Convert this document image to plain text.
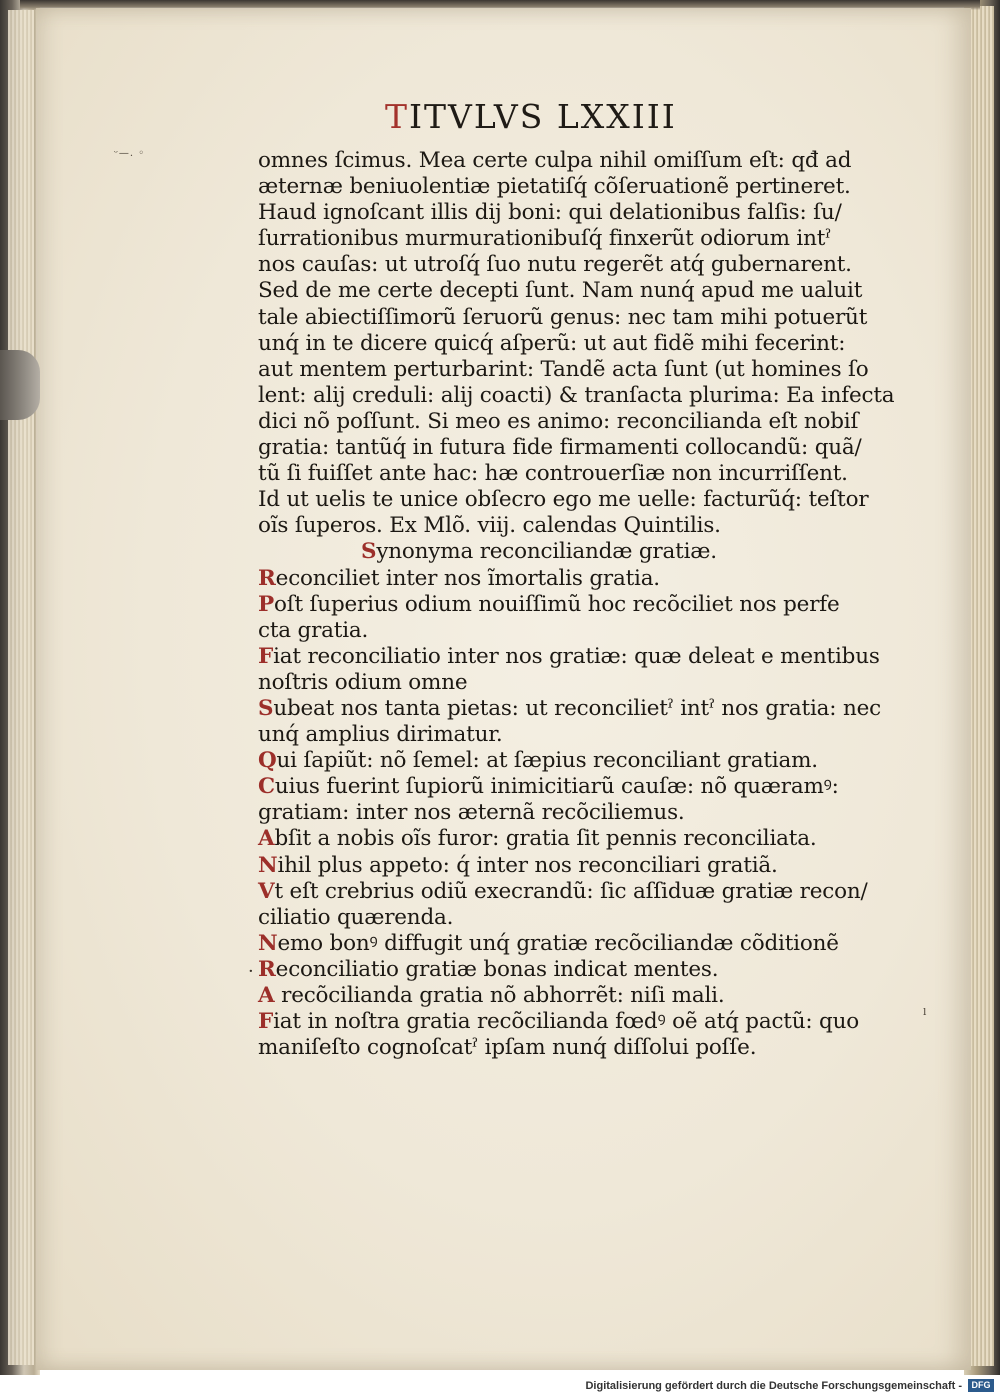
TITVLVS LXXIII
ᵕ—. ◦
·
ˡ
omnes ſcimus. Mea certe culpa nihil omiſſum eſt: qđ ad
æternæ beniuolentiæ pietatiſq́ cõſeruationẽ pertineret.
Haud ignoſcant illis dij boni: qui delationibus falſis: ſu/
ſurrationibus murmurationibuſq́ finxerũt odiorum intˀ
nos cauſas: ut utroſq́ ſuo nutu regerẽt atq́ gubernarent.
Sed de me certe decepti ſunt. Nam nunq́ apud me ualuit
tale abiectiſſimorũ ſeruorũ genus: nec tam mihi potuerũt
unq́ in te dicere quicq́ aſperũ: ut aut fidẽ mihi fecerint:
aut mentem perturbarint: Tandẽ acta ſunt (ut homines ſo
lent: alij creduli: alij coacti) & tranſacta plurima: Ea infecta
dici nõ poſſunt. Si meo es animo: reconcilianda eſt nobiſ
gratia: tantũq́ in futura fide firmamenti collocandũ: quã/
tũ ſi fuiſſet ante hac: hæ controuerſiæ non incurriſſent.
Id ut uelis te unice obſecro ego me uelle: facturũq́: teſtor
oĩs ſuperos. Ex Mlõ. viij. calendas Quintilis.
Synonyma reconciliandæ gratiæ.
Reconciliet inter nos ĩmortalis gratia.
Poſt ſuperius odium nouiſſimũ hoc recõciliet nos perfe
cta gratia.
Fiat reconciliatio inter nos gratiæ: quæ deleat e mentibus
noſtris odium omne
Subeat nos tanta pietas: ut reconcilietˀ intˀ nos gratia: nec
unq́ amplius dirimatur.
Qui ſapiũt: nõ ſemel: at ſæpius reconciliant gratiam.
Cuius fuerint ſupiorũ inimicitiarũ cauſæ: nõ quæramꝰ:
gratiam: inter nos æternã recõciliemus.
Abſit a nobis oĩs furor: gratia ſit pennis reconciliata.
Nihil plus appeto: q́ inter nos reconciliari gratiã.
Vt eſt crebrius odiũ execrandũ: ſic aſſiduæ gratiæ recon/
ciliatio quærenda.
Nemo bonꝰ diffugit unq́ gratiæ recõciliandæ cõditionẽ
Reconciliatio gratiæ bonas indicat mentes.
A recõcilianda gratia nõ abhorrẽt: niſi mali.
Fiat in noſtra gratia recõcilianda fœdꝰ oẽ atq́ pactũ: quo
maniſeſto cognoſcatˀ ipſam nunq́ diſſolui poſſe.
Digitalisierung gefördert durch die Deutsche Forschungsgemeinschaft -	DFG
